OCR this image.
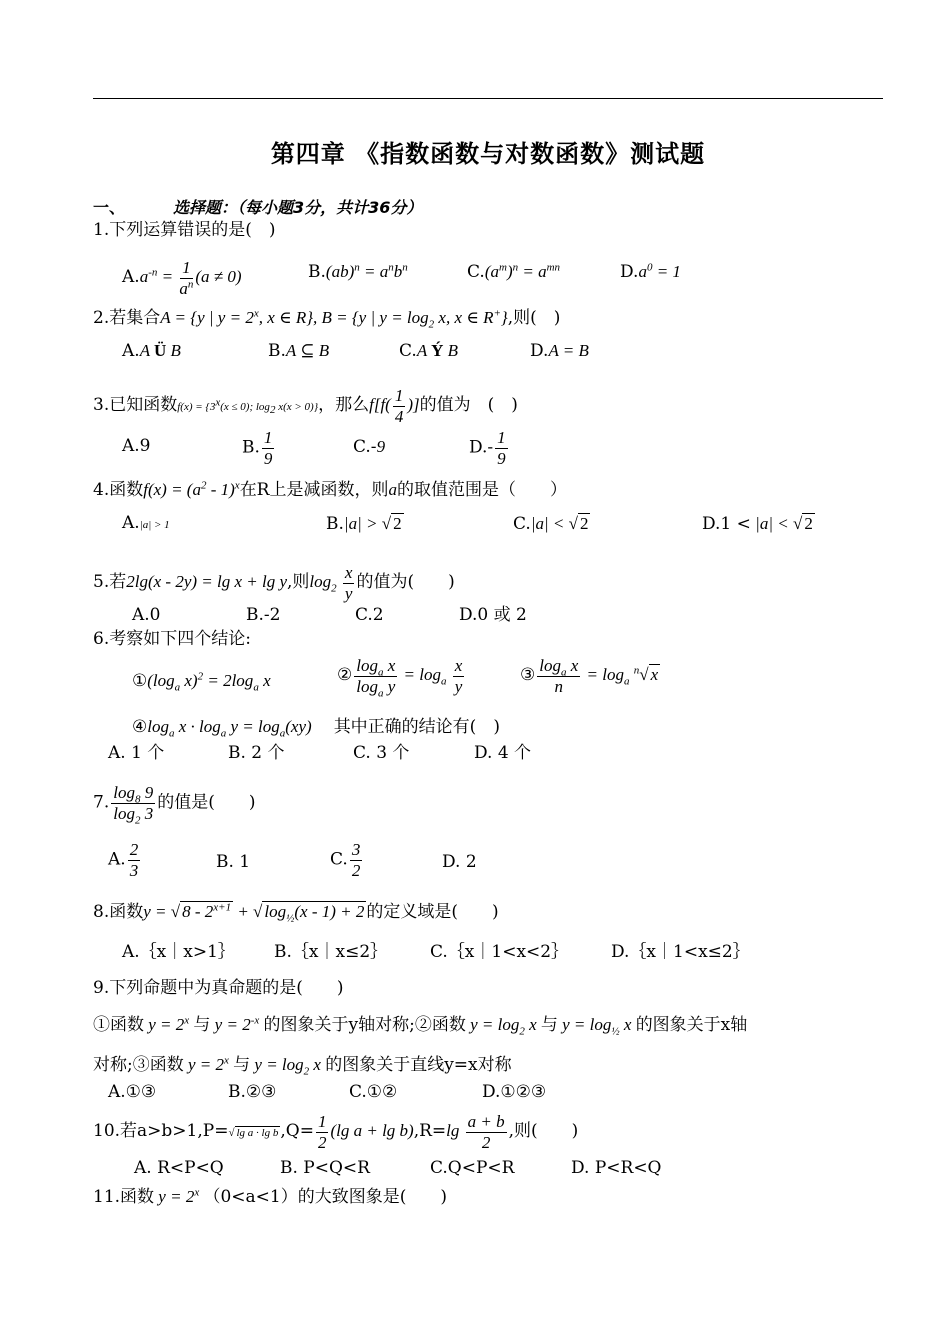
第四章 《指数函数与对数函数》测试题
一、	选择题：（每小题3分，共计36分）
1.下列运算错误的是(　)
$A.a^{-n} = \frac{1}{a^n} (a \ne 0)$	$B.(ab)^n = a^nb^n$	$C.(a^m)^n = a^{mn}$	$D.a^0 = 1$
2.若集合A = {y | $y = 2^x$, x ∈ R}, B = {y | $y = \log_2 x$, x ∈ R+},则(　)
A.A Ü B	B.A ⊆ B	C.A Ý B	D.A = B
3.已知函数$f(x) = \{3^x(x \le 0)$; $\log_2 x(x > 0)$}，那么$f[f( \frac{1}{4}$ )]的值为　(　)
A.9	B. $\frac{1}{9}$	C.-9	$D.- \frac{1}{9}$
4.函数$f(x) = (a^2 - 1)^x$在R上是减函数，则a的取值范围是（　　）
A.|a| > 1	B.|a| > √ 2	C.|a| < √ 2	D.1 < |a| < √ 2
5.若2lg(x - 2y) = lg x + lg y,则$\log_2 \frac{x}{y}$ 的值为(　　)
A.0	B.-2	C.2	D.0 或 2
6.考察如下四个结论:
$①(\log_a$ $x)^2 = 2\log_a$ x	② $\frac{\log_a x}{\log_a y} = \log_a \frac{x}{y}$	③ $\frac{\log_a x}{n} = \log_a ^n√$ x
$④\log_a$ $x \cdot \log_a y = \log_a(xy)$ 其中正确的结论有(　)
A. 1 个	B. 2 个	C. 3 个	D. 4 个
7. $\frac{\log_8 9}{\log_2 3}$ 的值是(　　)
A. $\frac{2}{3}$	B. 1	C. $\frac{3}{2}$	D. 2
8.函数y = √ $8 - 2^{x+1}$ + √ $\log_{\frac{1}{2}}(x - 1) + 2$ 的定义域是(　　)
A.｛x｜x>1｝ B.｛x｜x≤2｝	C.｛x｜1<x<2｝	D.｛x｜1<x≤2｝
9.下列命题中为真命题的是(　　)
①函数 $y = 2^x$ 与 $y = 2^{-x}$ 的图象关于y轴对称;②函数 $y = \log_2 x$ 与 $y = \log_{\frac{1}{2}} x$ 的图象关于x轴
对称;③函数 $y = 2^x$ 与 $y = \log_2 x$ 的图象关于直线y=x对称
A.①③	B.②③	C.①②	D.①②③
10.若a>b>1,P=√ lg a · lg b $,Q= \frac{1}{2} (\lg$ $a + \lg b),R=\lg \frac{a + b}{2}$ ,则(　　)
A. R<P<Q	B. P<Q<R	C.Q<P<R	D. P<R<Q
11.函数 $y = 2^x$ （0<a<1）的大致图象是(　　)
